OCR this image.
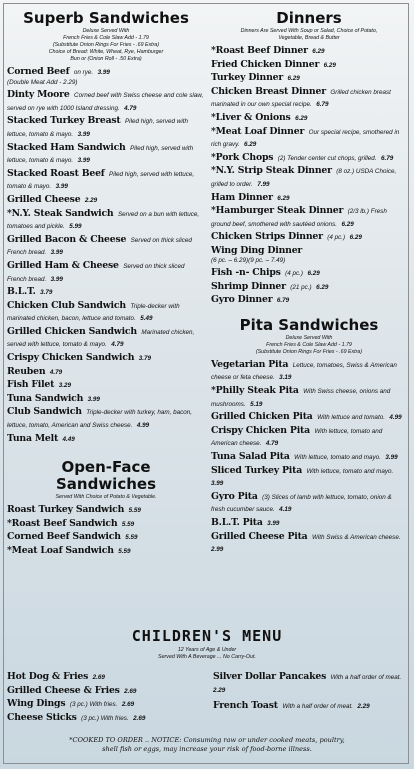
Superb Sandwiches
Deluxe Served With
French Fries & Cole Slaw Add - 1.79
(Substitute Onion Rings For Fries - .69 Extra)
Choice of Bread: White, Wheat, Rye, Hamburger
Bun or (Onion Roll - .50 Extra)
Corned Beef on rye. 3.99
(Double Meat Add - 2.29)
Dinty Moore Corned beef with Swiss cheese and cole slaw, served on rye with 1000 Island dressing. 4.79
Stacked Turkey Breast Piled high, served with lettuce, tomato & mayo. 3.99
Stacked Ham Sandwich Piled high, served with lettuce, tomato & mayo. 3.99
Stacked Roast Beef Piled high, served with lettuce, tomato & mayo. 3.99
Grilled Cheese 2.29
*N.Y. Steak Sandwich Served on a bun with lettuce, tomatoes and pickle. 5.99
Grilled Bacon & Cheese Served on thick sliced French bread. 3.99
Grilled Ham & Cheese Served on thick sliced French bread. 3.99
B.L.T. 3.79
Chicken Club Sandwich Triple-decker with marinated chicken, bacon, lettuce and tomato. 5.49
Grilled Chicken Sandwich Marinated chicken, served with lettuce, tomato & mayo. 4.79
Crispy Chicken Sandwich 3.79
Reuben 4.79
Fish Filet 3.29
Tuna Sandwich 3.99
Club Sandwich Triple-decker with turkey, ham, bacon, lettuce, tomato, American and Swiss cheese. 4.99
Tuna Melt 4.49
Open-Face
Sandwiches
Served With Choice of Potato & Vegetable.
Roast Turkey Sandwich 5.59
*Roast Beef Sandwich 5.59
Corned Beef Sandwich 5.59
*Meat Loaf Sandwich 5.59
Dinners
Dinners Are Served With Soup or Salad, Choice of Potato,
Vegetable, Bread & Butter
*Roast Beef Dinner 6.29
Fried Chicken Dinner 6.29
Turkey Dinner 6.29
Chicken Breast Dinner Grilled chicken breast marinated in our own special recipe. 6.79
*Liver & Onions 6.29
*Meat Loaf Dinner Our special recipe, smothered in rich gravy. 6.29
*Pork Chops (2) Tender center cut chops, grilled. 6.79
*N.Y. Strip Steak Dinner (8 oz.) USDA Choice, grilled to order. 7.99
Ham Dinner 6.29
*Hamburger Steak Dinner (2/3 lb.) Fresh ground beef, smothered with sautéed onions. 6.29
Chicken Strips Dinner (4 pc.) 6.29
Wing Ding Dinner
(6 pc. – 6.29)(9 pc. – 7.49)
Fish -n- Chips (4 pc.) 6.29
Shrimp Dinner (21 pc.) 6.29
Gyro Dinner 6.79
Pita Sandwiches
Deluxe Served With
French Fries & Cole Slaw Add - 1.79
(Substitute Onion Rings For Fries - .69 Extra)
Vegetarian Pita Lettuce, tomatoes, Swiss & American cheese or feta cheese. 3.19
*Philly Steak Pita With Swiss cheese, onions and mushrooms. 5.19
Grilled Chicken Pita With lettuce and tomato. 4.99
Crispy Chicken Pita With lettuce, tomato and American cheese. 4.79
Tuna Salad Pita With lettuce, tomato and mayo. 3.99
Sliced Turkey Pita With lettuce, tomato and mayo. 3.99
Gyro Pita (3) Slices of lamb with lettuce, tomato, onion & fresh cucumber sauce. 4.19
B.L.T. Pita 3.99
Grilled Cheese Pita With Swiss & American cheese. 2.99
CHILDREN'S MENU
12 Years of Age & Under
Served With A Beverage ... No Carry-Out.
Hot Dog & Fries 2.69
Grilled Cheese & Fries 2.69
Wing Dings (3 pc.) With fries. 2.69
Cheese Sticks (3 pc.) With fries. 2.69
Silver Dollar Pancakes With a half order of meat. 2.29
French Toast With a half order of meat. 2.29
*COOKED TO ORDER .. NOTICE: Consuming raw or under cooked meats, poultry,
shell fish or eggs, may increase your risk of food-borne illness.
